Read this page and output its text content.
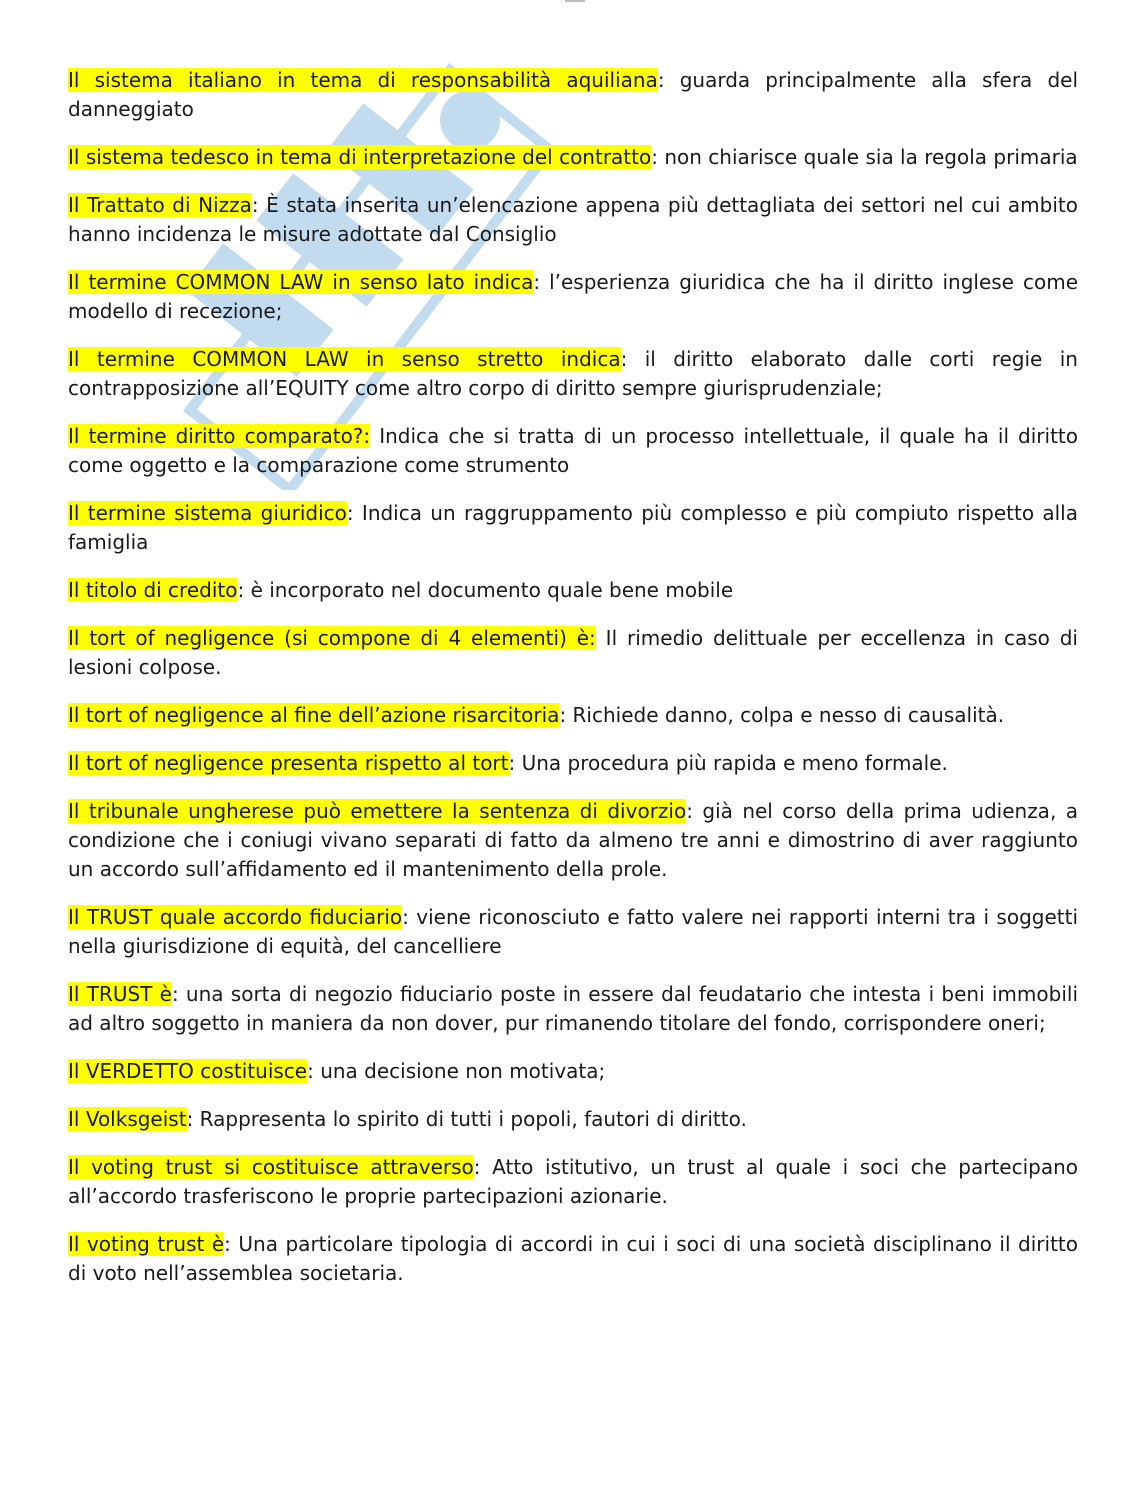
Il sistema italiano in tema di responsabilità aquiliana: guarda principalmente alla sfera del danneggiato

Il sistema tedesco in tema di interpretazione del contratto: non chiarisce quale sia la regola primaria

Il Trattato di Nizza: È stata inserita un’elencazione appena più dettagliata dei settori nel cui ambito hanno incidenza le misure adottate dal Consiglio

Il termine COMMON LAW in senso lato indica: l’esperienza giuridica che ha il diritto inglese come modello di recezione;

Il termine COMMON LAW in senso stretto indica: il diritto elaborato dalle corti regie in contrapposizione all’EQUITY come altro corpo di diritto sempre giurisprudenziale;

Il termine diritto comparato?: Indica che si tratta di un processo intellettuale, il quale ha il diritto come oggetto e la comparazione come strumento

Il termine sistema giuridico: Indica un raggruppamento più complesso e più compiuto rispetto alla famiglia

Il titolo di credito: è incorporato nel documento quale bene mobile

Il tort of negligence (si compone di 4 elementi) è: Il rimedio delittuale per eccellenza in caso di lesioni colpose.

Il tort of negligence al fine dell’azione risarcitoria: Richiede danno, colpa e nesso di causalità.

Il tort of negligence presenta rispetto al tort: Una procedura più rapida e meno formale.

Il tribunale ungherese può emettere la sentenza di divorzio: già nel corso della prima udienza, a condizione che i coniugi vivano separati di fatto da almeno tre anni e dimostrino di aver raggiunto un accordo sull’affidamento ed il mantenimento della prole.

Il TRUST quale accordo fiduciario: viene riconosciuto e fatto valere nei rapporti interni tra i soggetti nella giurisdizione di equità, del cancelliere

Il TRUST è: una sorta di negozio fiduciario poste in essere dal feudatario che intesta i beni immobili ad altro soggetto in maniera da non dover, pur rimanendo titolare del fondo, corrispondere oneri;

Il VERDETTO costituisce: una decisione non motivata;

Il Volksgeist: Rappresenta lo spirito di tutti i popoli, fautori di diritto.

Il voting trust si costituisce attraverso: Atto istitutivo, un trust al quale i soci che partecipano all’accordo trasferiscono le proprie partecipazioni azionarie.

Il voting trust è: Una particolare tipologia di accordi in cui i soci di una società disciplinano il diritto di voto nell’assemblea societaria.
